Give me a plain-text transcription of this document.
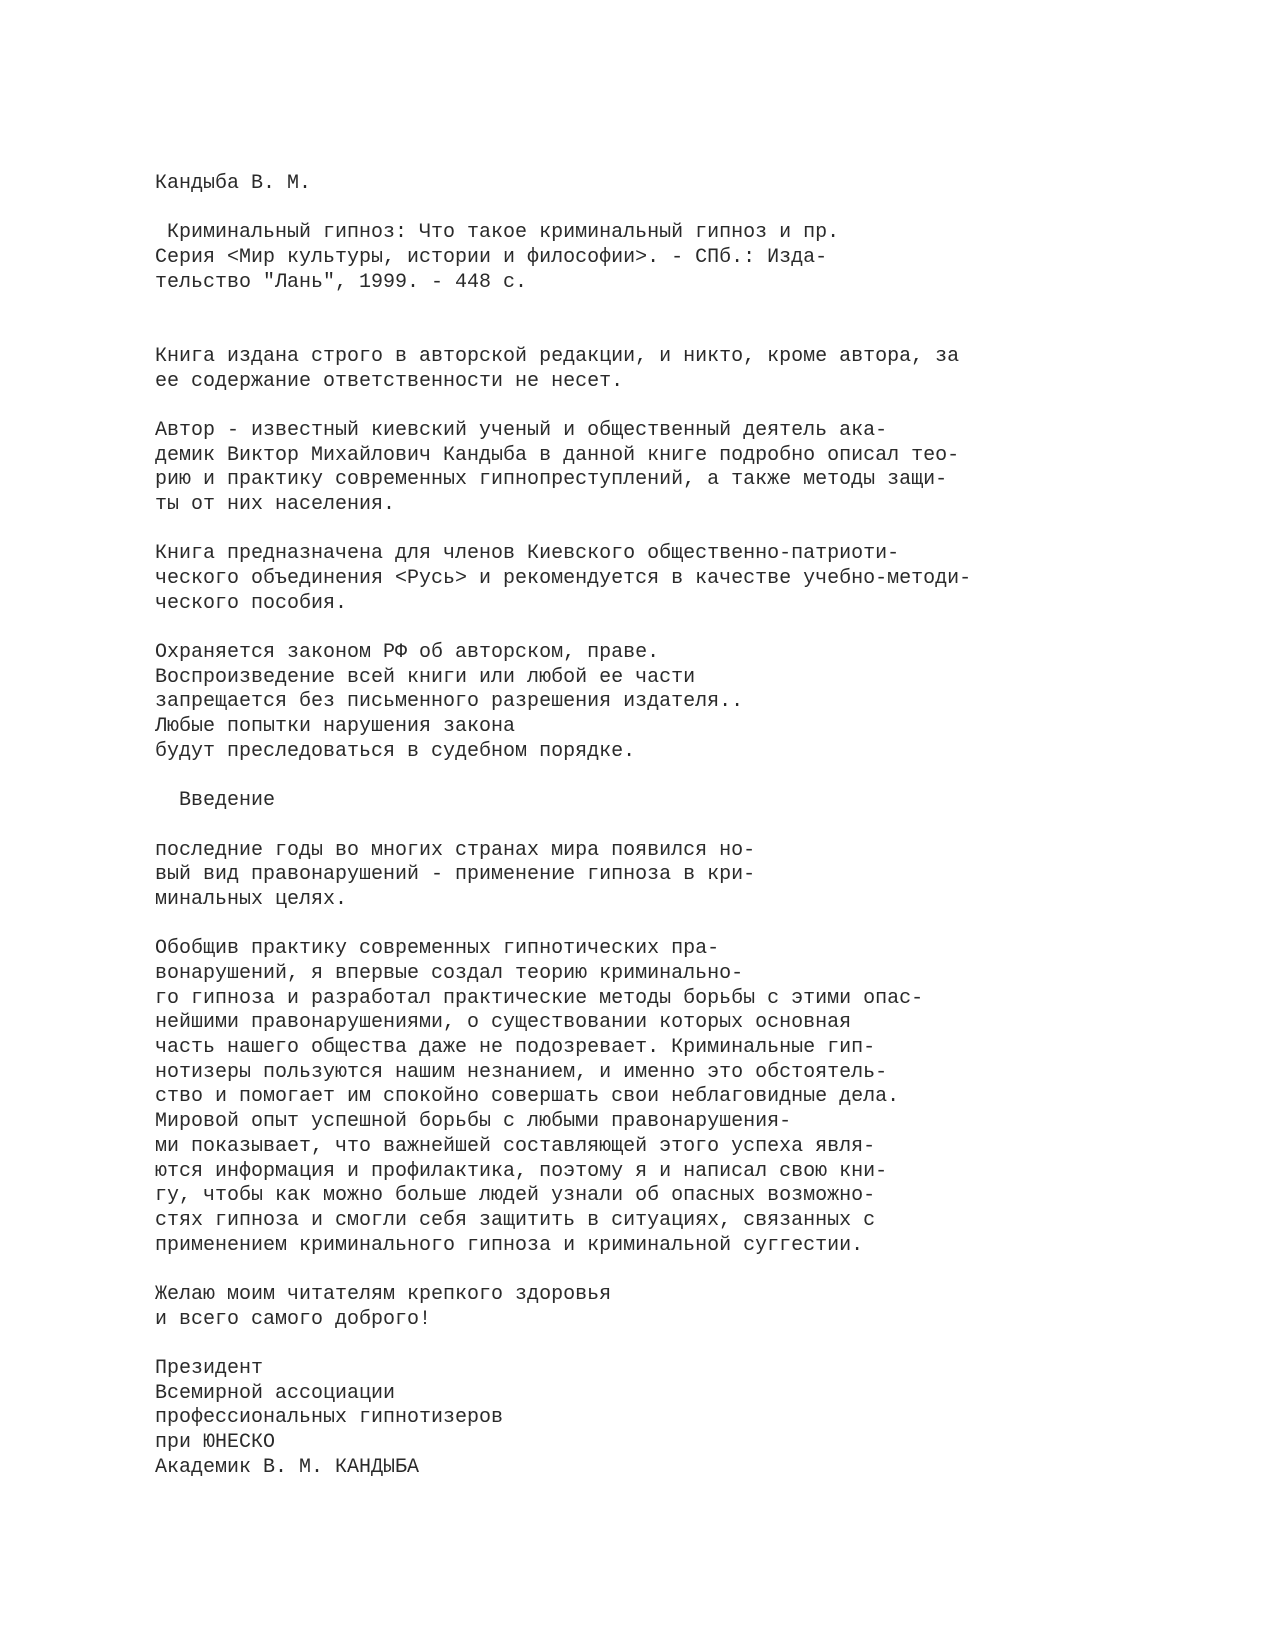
Кандыба В. М.
Криминальный гипноз: Что такое криминальный гипноз и пр.
Серия <Мир культуры, истории и философии>. - СПб.: Изда-
тельство "Лань", 1999. - 448 с.
Книга издана строго в авторской редакции, и никто, кроме автора, за
ее содержание ответственности не несет.
Автор - известный киевский ученый и общественный деятель ака-
демик Виктор Михайлович Кандыба в данной книге подробно описал тео-
рию и практику современных гипнопреступлений, а также методы защи-
ты от них населения.
Книга предназначена для членов Киевского общественно-патриоти-
ческого объединения <Русь> и рекомендуется в качестве учебно-методи-
ческого пособия.
Охраняется законом РФ об авторском, праве.
Воспроизведение всей книги или любой ее части
запрещается без письменного разрешения издателя..
Любые попытки нарушения закона
будут преследоваться в судебном порядке.
Введение
последние годы во многих странах мира появился но-
вый вид правонарушений - применение гипноза в кри-
минальных целях.
Обобщив практику современных гипнотических пра-
вонарушений, я впервые создал теорию криминально-
го гипноза и разработал практические методы борьбы с этими опас-
нейшими правонарушениями, о существовании которых основная
часть нашего общества даже не подозревает. Криминальные гип-
нотизеры пользуются нашим незнанием, и именно это обстоятель-
ство и помогает им спокойно совершать свои неблаговидные дела.
Мировой опыт успешной борьбы с любыми правонарушения-
ми показывает, что важнейшей составляющей этого успеха явля-
ются информация и профилактика, поэтому я и написал свою кни-
гу, чтобы как можно больше людей узнали об опасных возможно-
стях гипноза и смогли себя защитить в ситуациях, связанных с
применением криминального гипноза и криминальной суггестии.
Желаю моим читателям крепкого здоровья
и всего самого доброго!
Президент
Всемирной ассоциации
профессиональных гипнотизеров
при ЮНЕСКО
Академик В. М. КАНДЫБА
